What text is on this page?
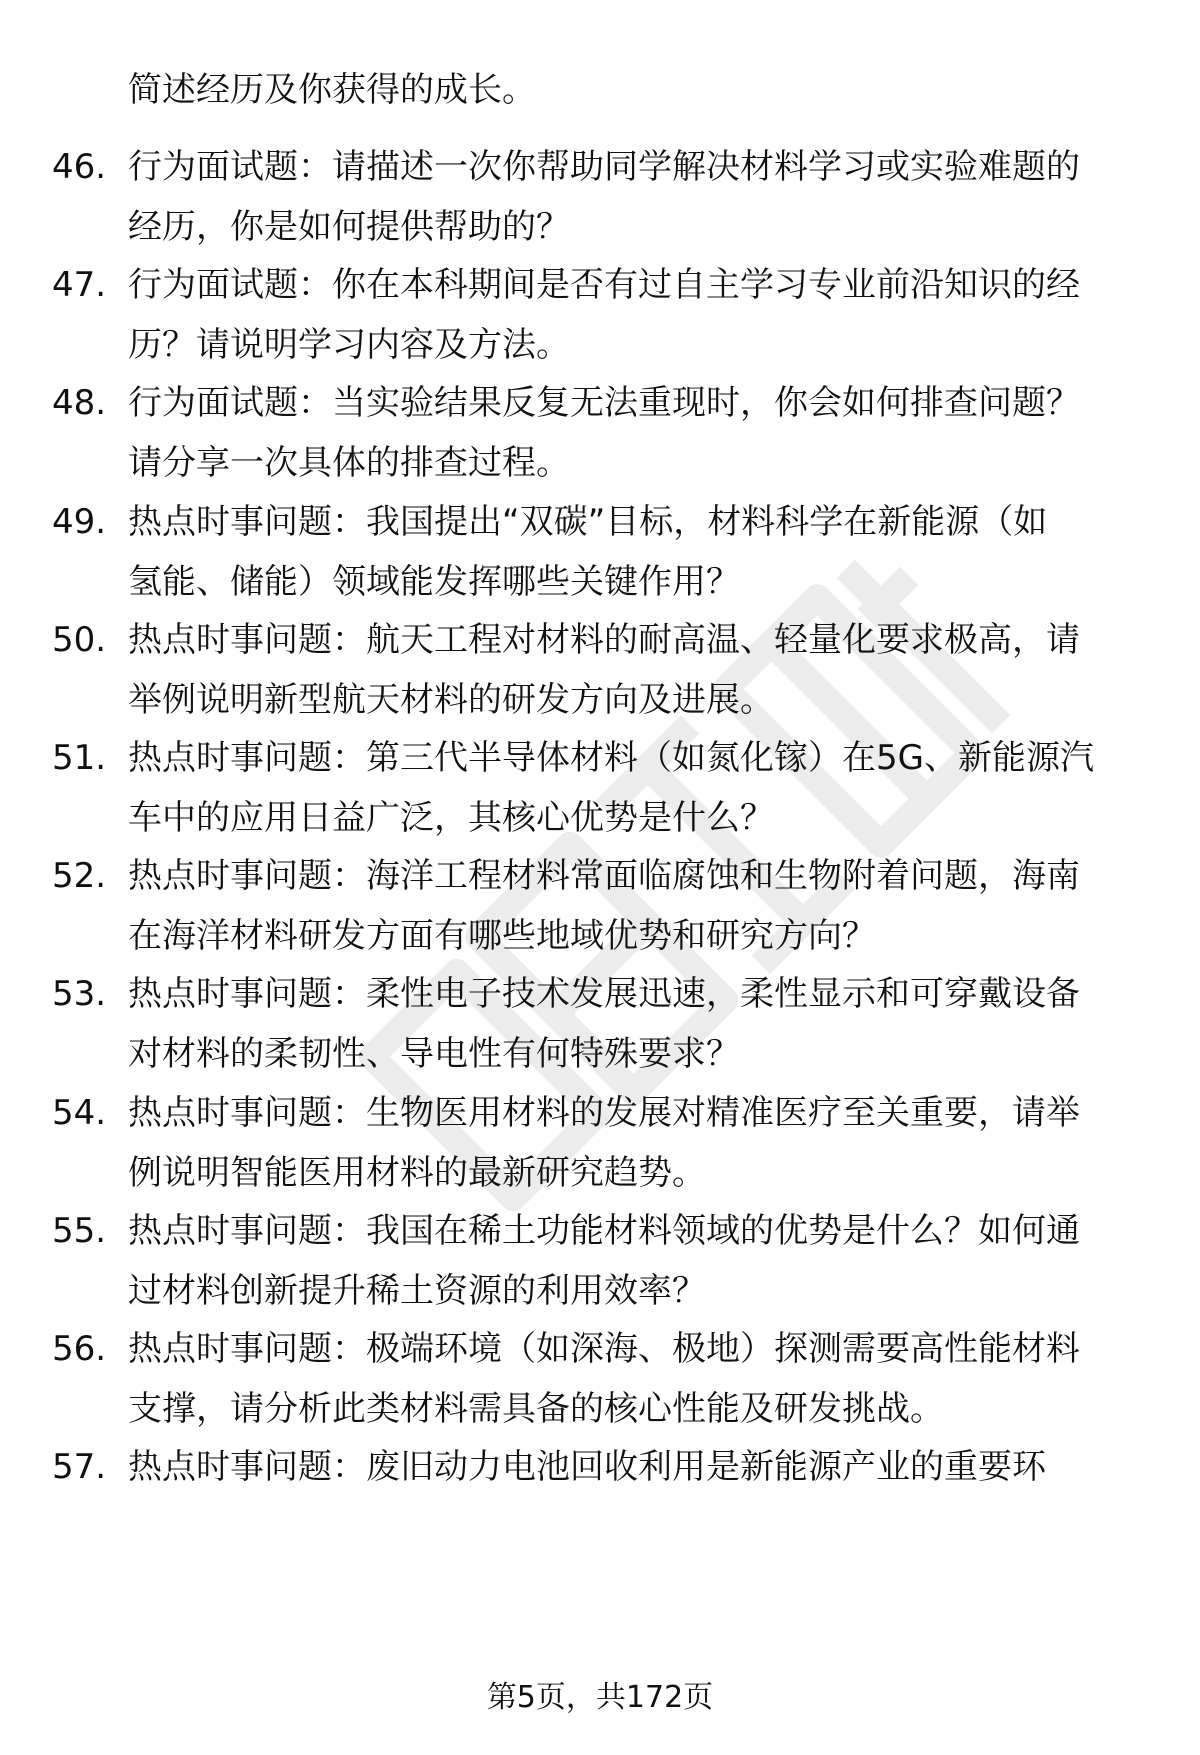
简述经历及你获得的成长。
46. 行为面试题：请描述一次你帮助同学解决材料学习或实验难题的
经历，你是如何提供帮助的？
47. 行为面试题：你在本科期间是否有过自主学习专业前沿知识的经
历？请说明学习内容及方法。
48. 行为面试题：当实验结果反复无法重现时，你会如何排查问题？
请分享一次具体的排查过程。
49. 热点时事问题：我国提出“双碳”目标，材料科学在新能源（如
氢能、储能）领域能发挥哪些关键作用？
50. 热点时事问题：航天工程对材料的耐高温、轻量化要求极高，请
举例说明新型航天材料的研发方向及进展。
51. 热点时事问题：第三代半导体材料（如氮化镓）在5G、新能源汽
车中的应用日益广泛，其核心优势是什么？
52. 热点时事问题：海洋工程材料常面临腐蚀和生物附着问题，海南
在海洋材料研发方面有哪些地域优势和研究方向？
53. 热点时事问题：柔性电子技术发展迅速，柔性显示和可穿戴设备
对材料的柔韧性、导电性有何特殊要求？
54. 热点时事问题：生物医用材料的发展对精准医疗至关重要，请举
例说明智能医用材料的最新研究趋势。
55. 热点时事问题：我国在稀土功能材料领域的优势是什么？如何通
过材料创新提升稀土资源的利用效率？
56. 热点时事问题：极端环境（如深海、极地）探测需要高性能材料
支撑，请分析此类材料需具备的核心性能及研发挑战。
57. 热点时事问题：废旧动力电池回收利用是新能源产业的重要环
第5页，共172页
